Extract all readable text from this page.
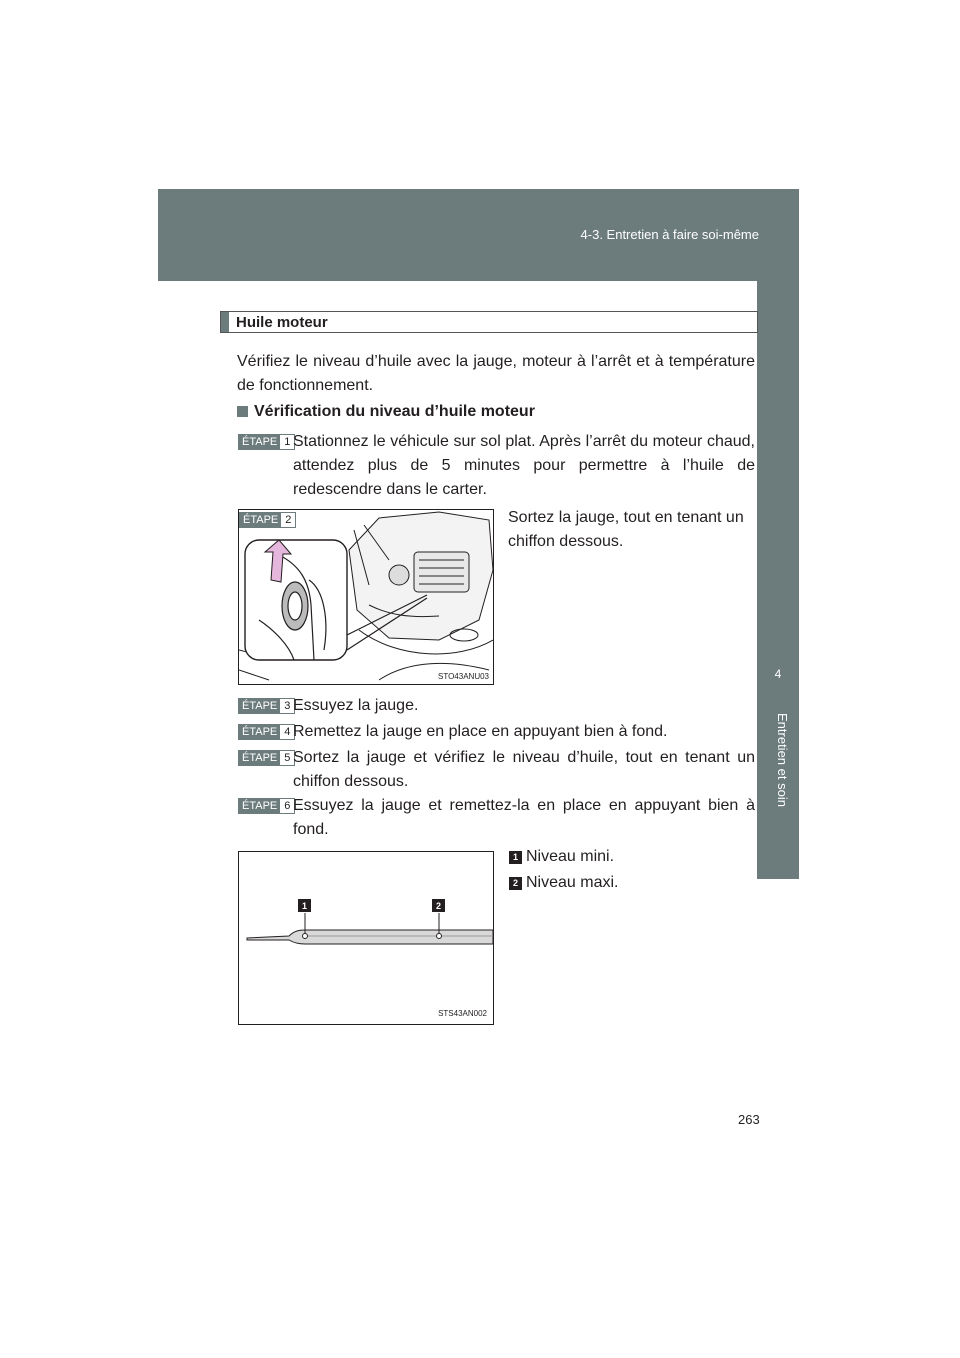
4-3. Entretien à faire soi-même
4
Entretien et soin
Huile moteur
Vérifiez le niveau d’huile avec la jauge, moteur à l’arrêt et à température de fonctionnement.
Vérification du niveau d’huile moteur
ÉTAPE 1 Stationnez le véhicule sur sol plat. Après l’arrêt du moteur chaud, attendez plus de 5 minutes pour permettre à l’huile de redescendre dans le carter.
STO43ANU03
ÉTAPE 2	Sortez la jauge, tout en tenant un chiffon dessous.
ÉTAPE 3 Essuyez la jauge.
ÉTAPE 4 Remettez la jauge en place en appuyant bien à fond.
ÉTAPE 5 Sortez la jauge et vérifiez le niveau d’huile, tout en tenant un chiffon dessous.
ÉTAPE 6 Essuyez la jauge et remettez-la en place en appuyant bien à fond.
1	2
STS43AN002
1 Niveau mini.
2 Niveau maxi.
263
